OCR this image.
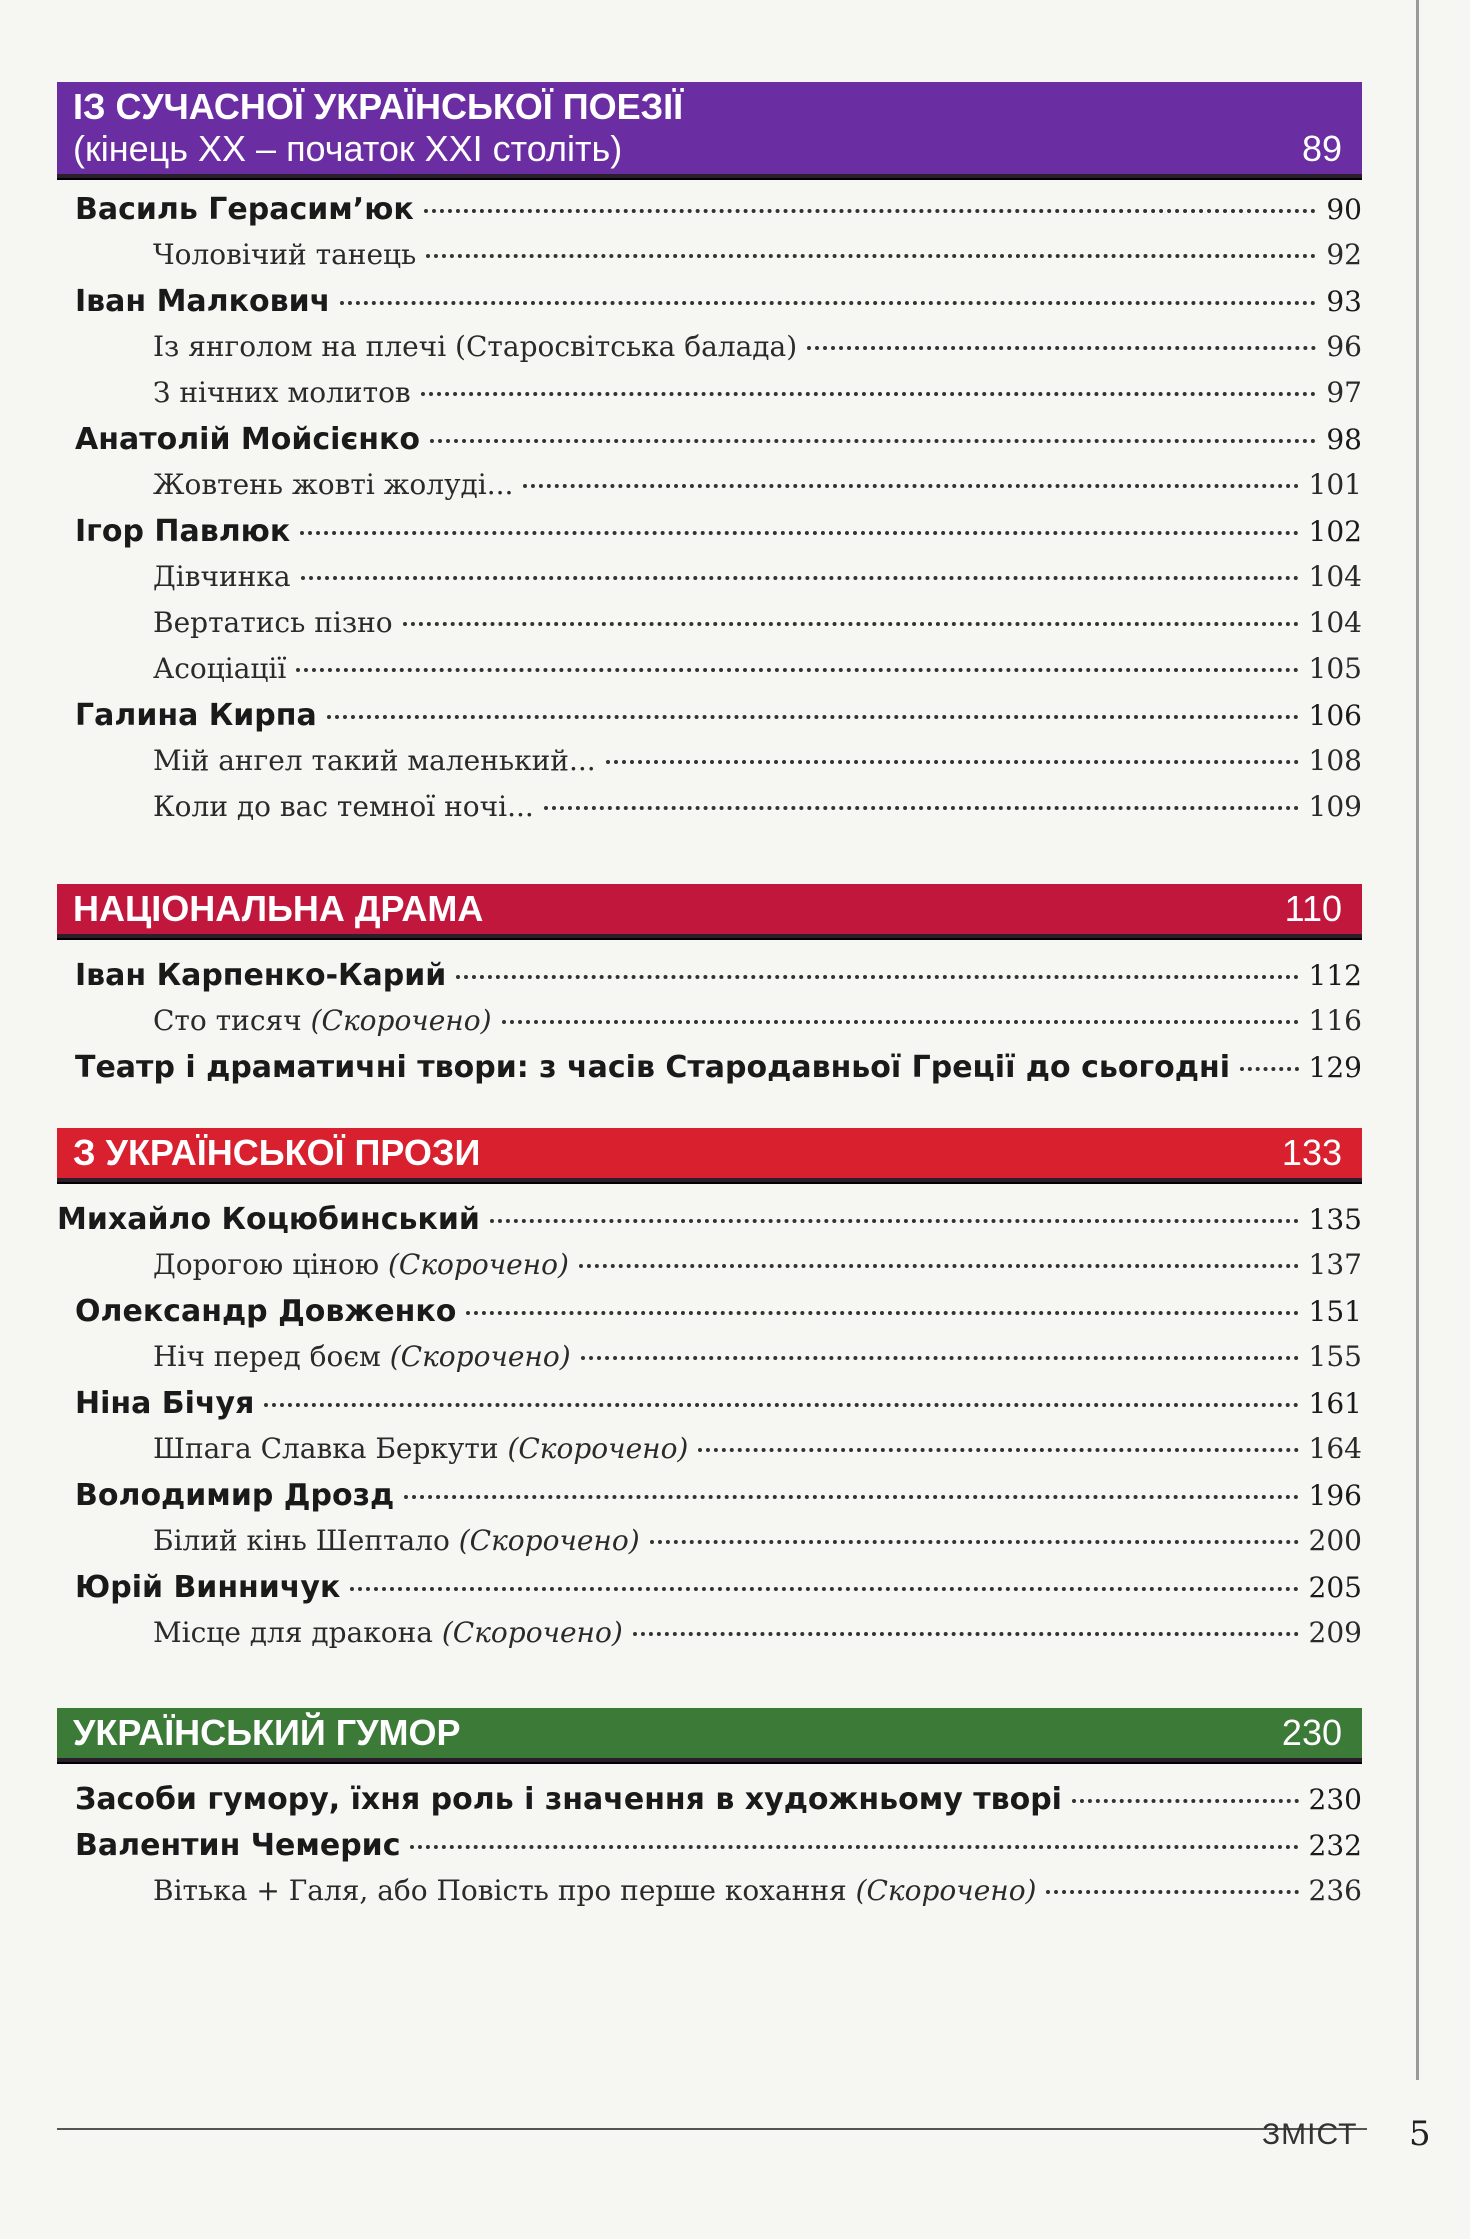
ІЗ СУЧАСНОЇ УКРАЇНСЬКОЇ ПОЕЗІЇ
(кінець ХХ – початок ХХІ століть)	89
Василь Герасим’юк	90
Чоловічий танець	92
Іван Малкович	93
Із янголом на плечі (Старосвітська балада)	96
З нічних молитов	97
Анатолій Мойсієнко	98
Жовтень жовті жолуді...	101
Ігор Павлюк	102
Дівчинка	104
Вертатись пізно	104
Асоціації	105
Галина Кирпа	106
Мій ангел такий маленький...	108
Коли до вас темної ночі...	109
НАЦІОНАЛЬНА ДРАМА	110
Іван Карпенко-Карий	112
Сто тисяч (Скорочено)	116
Театр і драматичні твори: з часів Стародавньої Греції до сьогодні	129
З УКРАЇНСЬКОЇ ПРОЗИ	133
Михайло Коцюбинський	135
Дорогою ціною (Скорочено)	137
Олександр Довженко	151
Ніч перед боєм (Скорочено)	155
Ніна Бічуя	161
Шпага Славка Беркути (Скорочено)	164
Володимир Дрозд	196
Білий кінь Шептало (Скорочено)	200
Юрій Винничук	205
Місце для дракона (Скорочено)	209
УКРАЇНСЬКИЙ ГУМОР	230
Засоби гумору, їхня роль і значення в художньому творі	230
Валентин Чемерис	232
Вітька + Галя, або Повість про перше кохання (Скорочено)	236
ЗМІСТ 5
